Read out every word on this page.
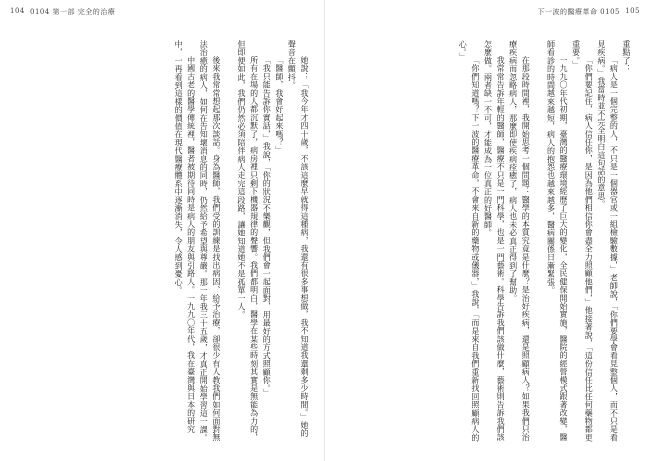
104 0104 第一部 完全的治療

她說：「我今年才四十歲，不該這麼早就得這種病，我還有很多事想做，我不知道我還剩多少時間。」她的聲音在顫抖。

「醫師，我會好起來嗎？」

「我只能告訴你實話，」我說，「你的狀況不樂觀，但我們會一起面對，用最好的方式照顧你。」

所有在場的人都沉默了，病房裡只剩下機器規律的聲響。我們都明白，醫學在某些時刻其實是無能為力的，但即便如此，我們仍然必須陪伴病人走完這段路，讓她知道她不是孤單一人。

後來我常常想起那次談話。身為醫師，我們受的訓練是找出病因、給予治療，卻很少有人教我們如何面對無法治癒的病人，如何在告知壞消息的同時，仍然給予希望與尊嚴。那一年我三十五歲，才真正開始學習這一課。

中國古老的醫學傳統裡，醫者被期待同時是病人的朋友與引路人。一九九〇年代，我在臺灣與日本的研究中，一再看到這樣的價值在現代醫療體系中逐漸消失，令人感到憂心。

下一波的醫療革命 0105 105

重點了：

「病人是一個完整的人，不只是一個器官或一組檢驗數據，」老師說，「你們要學會看見整個人，而不只是看見疾病。」我當時並不完全明白這句話的意思。

「你們要記住，病人信任你，是因為他們相信你會盡全力照顧他們，」他接著說，「這份信任比任何藥物都更重要。」

一九九〇年代初期，臺灣的醫療環境經歷了巨大的變化，全民健保開始實施，醫院的經營模式跟著改變，醫師看診的時間越來越短，病人的抱怨也越來越多，醫病關係日漸緊張。

在那段時間裡，我開始思考一個問題：醫學的本質究竟是什麼？是治好疾病，還是照顧病人？如果我們只治療疾病而忽略病人，那麼即使疾病痊癒了，病人也未必真正得到了幫助。

我常常告訴年輕的醫師，醫療不只是一門科學，也是一門藝術。科學告訴我們該做什麼，藝術則告訴我們該怎麼做。兩者缺一不可，才能成為一位真正的好醫師。

「你們知道嗎？下一波的醫療革命，不會來自新的藥物或儀器，」我說，「而是來自我們重新找回照顧病人的心。」
